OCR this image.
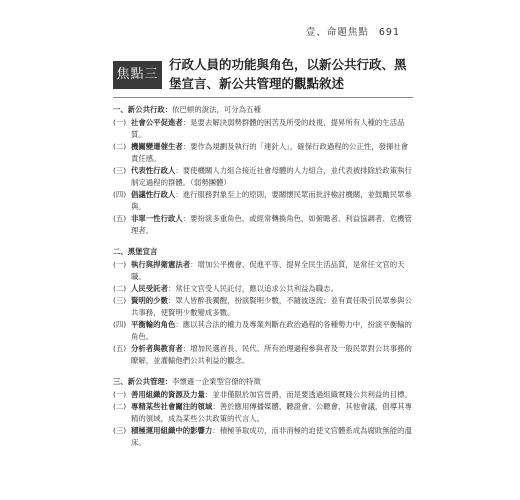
壹、命題焦點 691
焦點三
行政人員的功能與角色，以新公共行政、黑堡宣言、新公共管理的觀點敘述
一、新公共行政：依巴頓的說法，可分為五種
(一) 社會公平促進者：是要去解決弱勢群體的困苦及所受的歧視，提昇所有人種的生活品質。
(二) 機關變遷催生者：要作為規劃及執行的「連針人」，確保行政過程的公正性，發揮社會責任感。
(三) 代表性行政人：要使機關人力組合接近社會母體的人力組合，並代表被排除於政策執行制定過程的群體。（弱勢團體）
(四) 倡議性行政人：進行服務對象至上的原則，要關懷民眾而批評檢討機關，並鼓勵民眾參與。
(五) 非單一性行政人：要扮演多重角色，或經常轉換角色，如俯瞻者、利益協調者、危機管理者。
二、黑堡宣言
(一) 執行與捍衛憲法者：增加公平機會、促進平等、提昇全民生活品質，是常任文官的天職。
(二) 人民受託者：常任文官受人民託付，應以追求公共利益為職志。
(三) 賢明的少數：眾人皆醉我獨醒，扮演賢明少數，不隨波逐流；並有責任吸引民眾參與公共事務，使賢明少數變成多數。
(四) 平衡輪的角色：應以其合法的權力及專業判斷在政治過程的各種勢力中，扮演平衡輪的角色。
(五) 分析者與教育者：增加民選首長、民代、所有治理過程參與者及一般民眾對公共事務的瞭解，並灌輸他們公共利益的觀念。
三、新公共管理：李懷遜一企業型官僚的特徵
(一) 善用組織的資源及力量：並非僅限於加官晉爵，而是要透過組織實踐公共利益的目標。
(二) 專精某些社會關注的領域：善於應用傳播媒體、聽證會、公聽會，其他會議，倡導其專精的領域，成為某些公共政策的代言人。
(三) 積極運用組織中的影響力：積極爭取成功，而非消極的迫使文官體系成為腐敗無能的溫床。
